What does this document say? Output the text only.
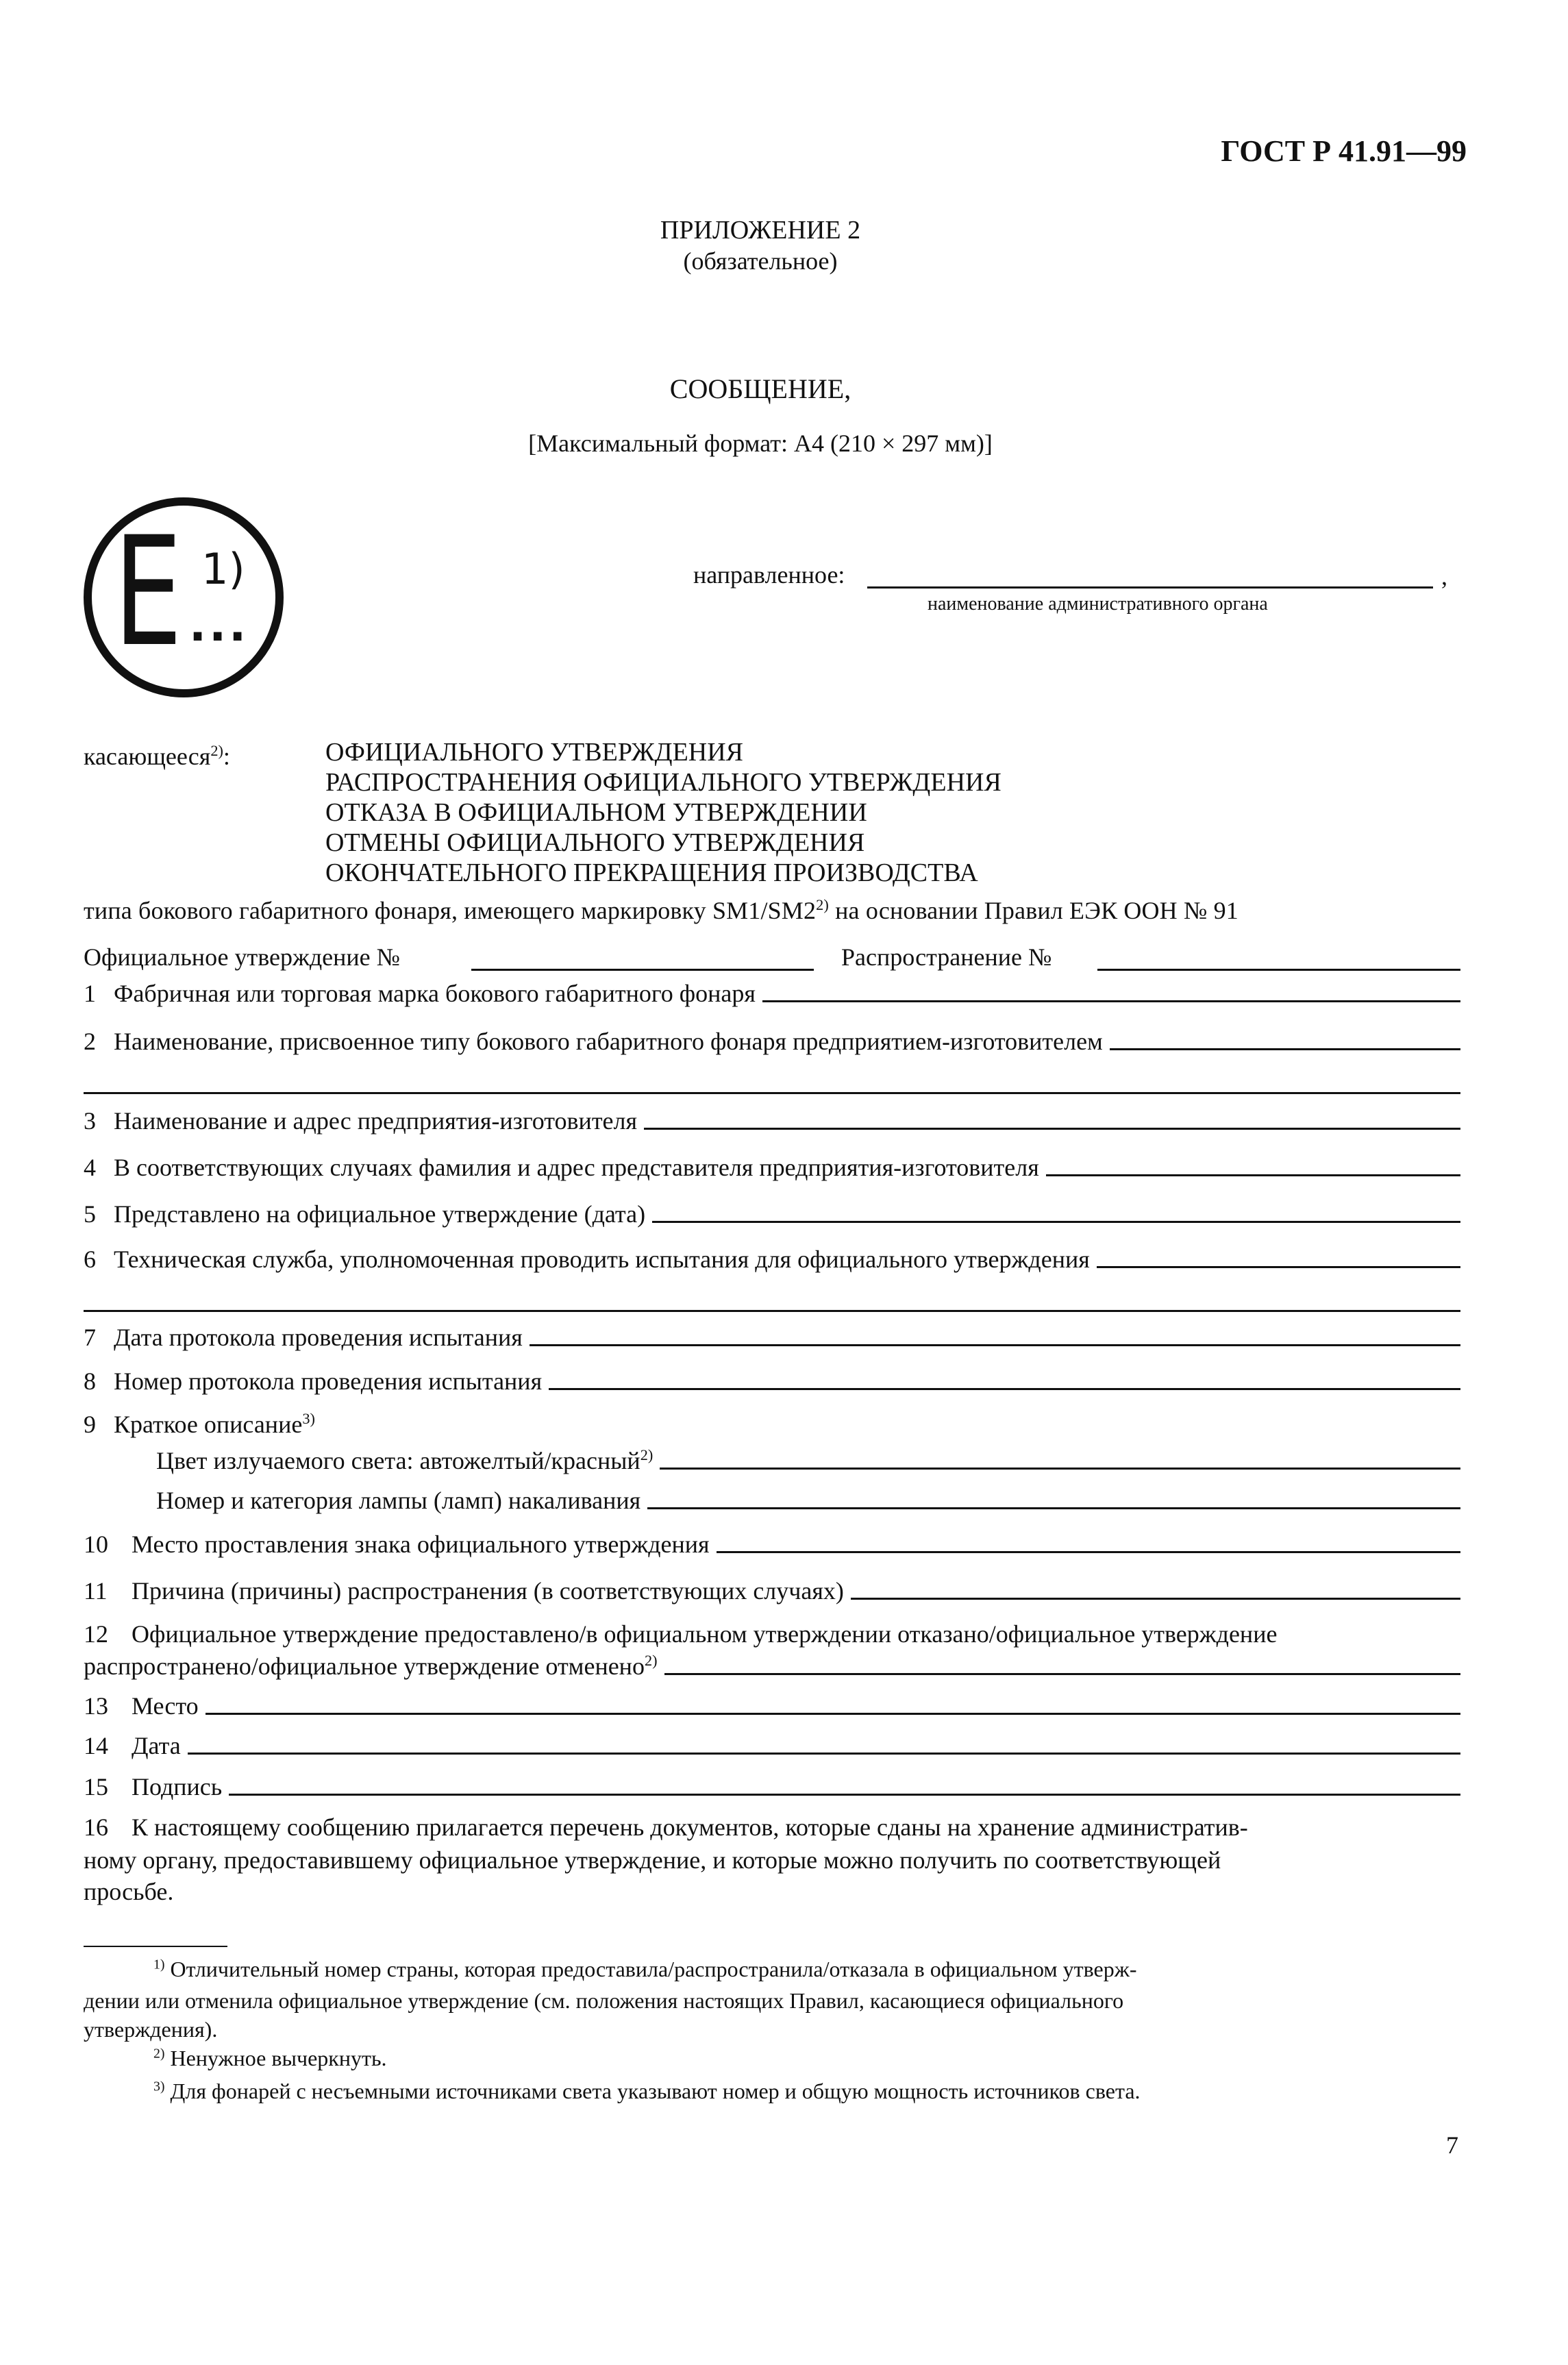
ГОСТ Р 41.91—99
ПРИЛОЖЕНИЕ 2
(обязательное)
СООБЩЕНИЕ,
[Максимальный формат: А4 (210 × 297 мм)]
E 1)
...
направленное:	,
наименование административного органа
касающееся$^{2)}$:	ОФИЦИАЛЬНОГО УТВЕРЖДЕНИЯ
РАСПРОСТРАНЕНИЯ ОФИЦИАЛЬНОГО УТВЕРЖДЕНИЯ
ОТКАЗА В ОФИЦИАЛЬНОМ УТВЕРЖДЕНИИ
ОТМЕНЫ ОФИЦИАЛЬНОГО УТВЕРЖДЕНИЯ
ОКОНЧАТЕЛЬНОГО ПРЕКРАЩЕНИЯ ПРОИЗВОДСТВА
типа бокового габаритного фонаря, имеющего маркировку SM1/SM2$^{2)}$ на основании Правил ЕЭК ООН № 91
Официальное утверждение №	Распространение №
1 Фабричная или торговая марка бокового габаритного фонаря
2 Наименование, присвоенное типу бокового габаритного фонаря предприятием-изготовителем
3 Наименование и адрес предприятия-изготовителя
4 В соответствующих случаях фамилия и адрес представителя предприятия-изготовителя
5 Представлено на официальное утверждение (дата)
6 Техническая служба, уполномоченная проводить испытания для официального утверждения
7 Дата протокола проведения испытания
8 Номер протокола проведения испытания
9 Краткое описание$^{3)}$
Цвет излучаемого света: автожелтый/красный$^{2)}$
Номер и категория лампы (ламп) накаливания
10 Место проставления знака официального утверждения
11 Причина (причины) распространения (в соответствующих случаях)
12 Официальное утверждение предоставлено/в официальном утверждении отказано/официальное утверждение
распространено/официальное утверждение отменено$^{2)}$
13 Место
14 Дата
15 Подпись
16 К настоящему сообщению прилагается перечень документов, которые сданы на хранение административ-
ному органу, предоставившему официальное утверждение, и которые можно получить по соответствующей
просьбе.
$^{1)}$ Отличительный номер страны, которая предоставила/распространила/отказала в официальном утверж-
дении или отменила официальное утверждение (см. положения настоящих Правил, касающиеся официального
утверждения).
$^{2)}$ Ненужное вычеркнуть.
$^{3)}$ Для фонарей с несъемными источниками света указывают номер и общую мощность источников света.
7
